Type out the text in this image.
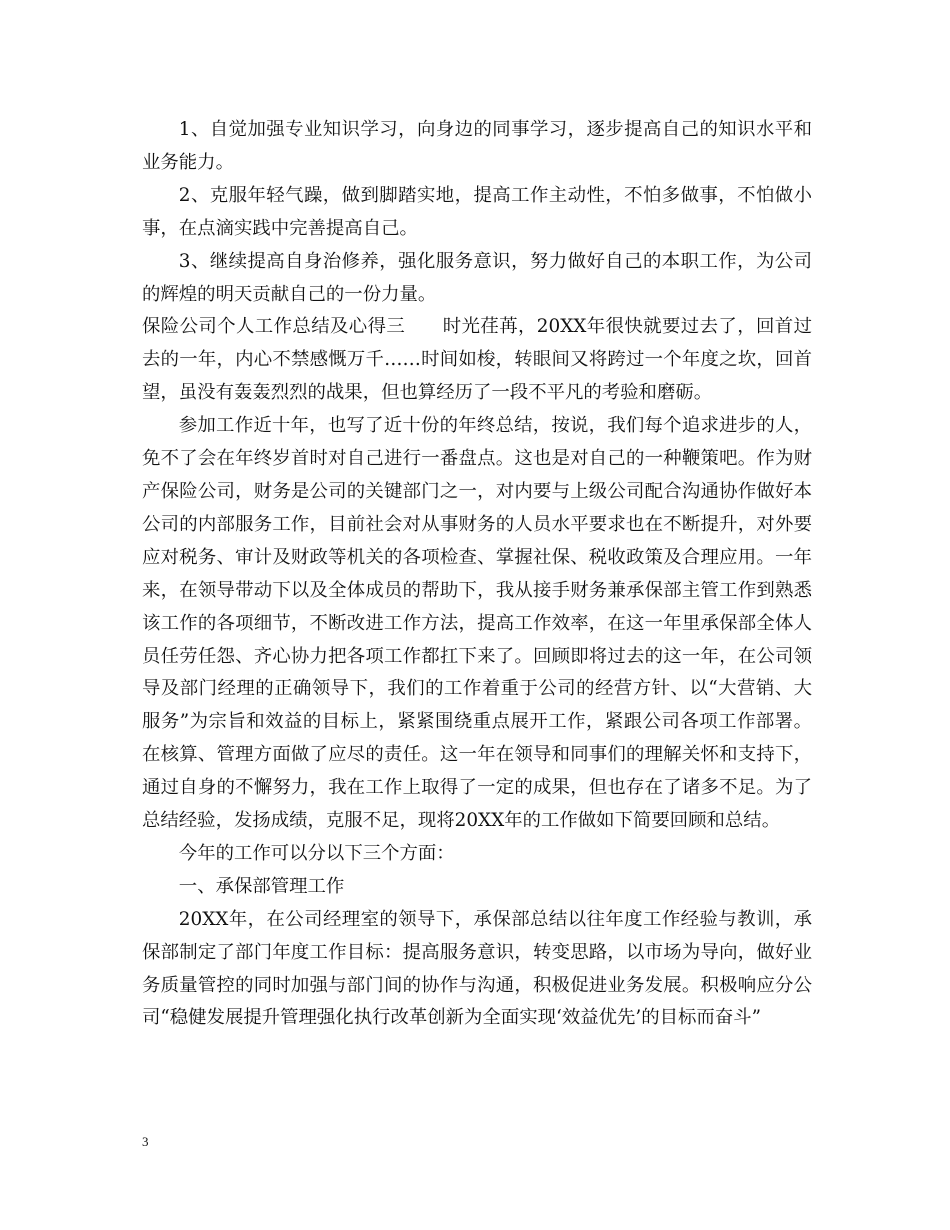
1、自觉加强专业知识学习，向身边的同事学习，逐步提高自己的知识水平和业务能力。

2、克服年轻气躁，做到脚踏实地，提高工作主动性，不怕多做事，不怕做小事，在点滴实践中完善提高自己。

3、继续提高自身治修养，强化服务意识，努力做好自己的本职工作，为公司的辉煌的明天贡献自己的一份力量。

保险公司个人工作总结及心得三　　时光荏苒，20XX年很快就要过去了，回首过去的一年，内心不禁感慨万千……时间如梭，转眼间又将跨过一个年度之坎，回首望，虽没有轰轰烈烈的战果，但也算经历了一段不平凡的考验和磨砺。

参加工作近十年，也写了近十份的年终总结，按说，我们每个追求进步的人，免不了会在年终岁首时对自己进行一番盘点。这也是对自己的一种鞭策吧。作为财产保险公司，财务是公司的关键部门之一，对内要与上级公司配合沟通协作做好本公司的内部服务工作，目前社会对从事财务的人员水平要求也在不断提升，对外要应对税务、审计及财政等机关的各项检查、掌握社保、税收政策及合理应用。一年来，在领导带动下以及全体成员的帮助下，我从接手财务兼承保部主管工作到熟悉该工作的各项细节，不断改进工作方法，提高工作效率，在这一年里承保部全体人员任劳任怨、齐心协力把各项工作都扛下来了。回顾即将过去的这一年，在公司领导及部门经理的正确领导下，我们的工作着重于公司的经营方针、以“大营销、大服务”为宗旨和效益的目标上，紧紧围绕重点展开工作，紧跟公司各项工作部署。在核算、管理方面做了应尽的责任。这一年在领导和同事们的理解关怀和支持下，通过自身的不懈努力，我在工作上取得了一定的成果，但也存在了诸多不足。为了总结经验，发扬成绩，克服不足，现将20XX年的工作做如下简要回顾和总结。

今年的工作可以分以下三个方面：

一、承保部管理工作

20XX年，在公司经理室的领导下，承保部总结以往年度工作经验与教训，承保部制定了部门年度工作目标：提高服务意识，转变思路，以市场为导向，做好业务质量管控的同时加强与部门间的协作与沟通，积极促进业务发展。积极响应分公司“稳健发展提升管理强化执行改革创新为全面实现‘效益优先’的目标而奋斗”

3
